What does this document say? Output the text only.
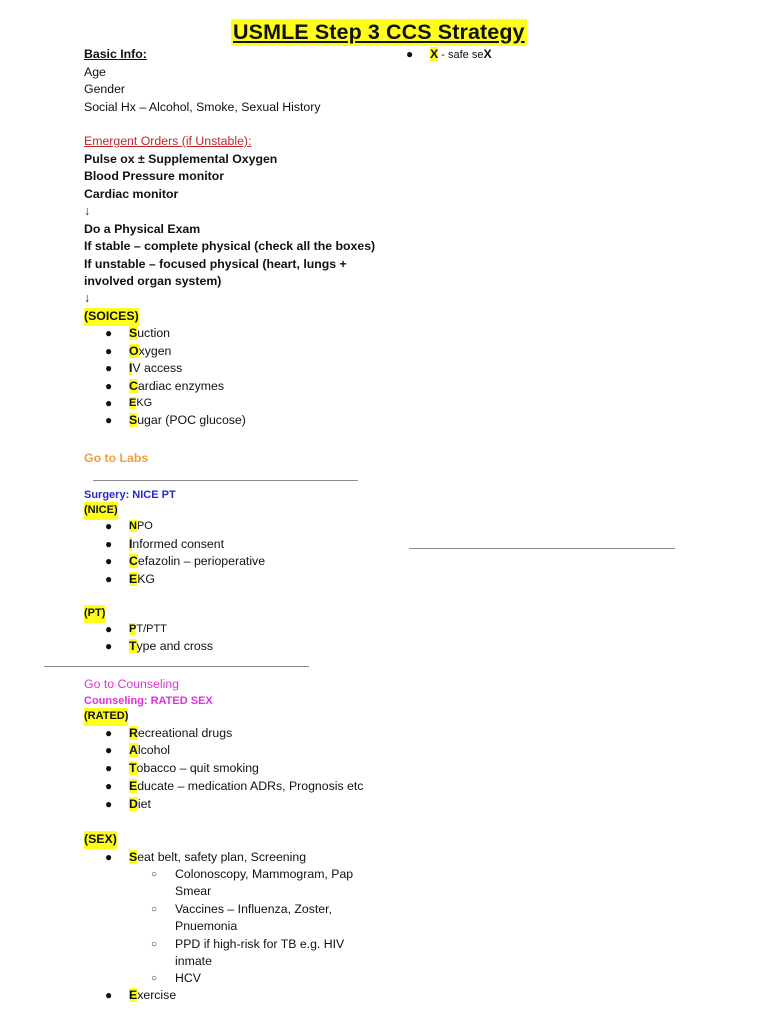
USMLE Step 3 CCS Strategy
● X - safe seX
Basic Info:
Age
Gender
Social Hx – Alcohol, Smoke, Sexual History
Emergent Orders (if Unstable):
Pulse ox ± Supplemental Oxygen
Blood Pressure monitor
Cardiac monitor
↓
Do a Physical Exam
If stable – complete physical (check all the boxes)
If unstable – focused physical (heart, lungs +
involved organ system)
↓
(SOICES)
● Suction
● Oxygen
● IV access
● Cardiac enzymes
● EKG
● Sugar (POC glucose)
Go to Labs
Surgery: NICE PT
(NICE)
● NPO
● Informed consent
● Cefazolin – perioperative
● EKG
(PT)
● PT/PTT
● Type and cross
Go to Counseling
Counseling: RATED SEX
(RATED)
● Recreational drugs
● Alcohol
● Tobacco – quit smoking
● Educate – medication ADRs, Prognosis etc
● Diet
(SEX)
● Seat belt, safety plan, Screening
○ Colonoscopy, Mammogram, Pap
Smear
○ Vaccines – Influenza, Zoster,
Pnuemonia
○ PPD if high-risk for TB e.g. HIV
inmate
○ HCV
● Exercise
